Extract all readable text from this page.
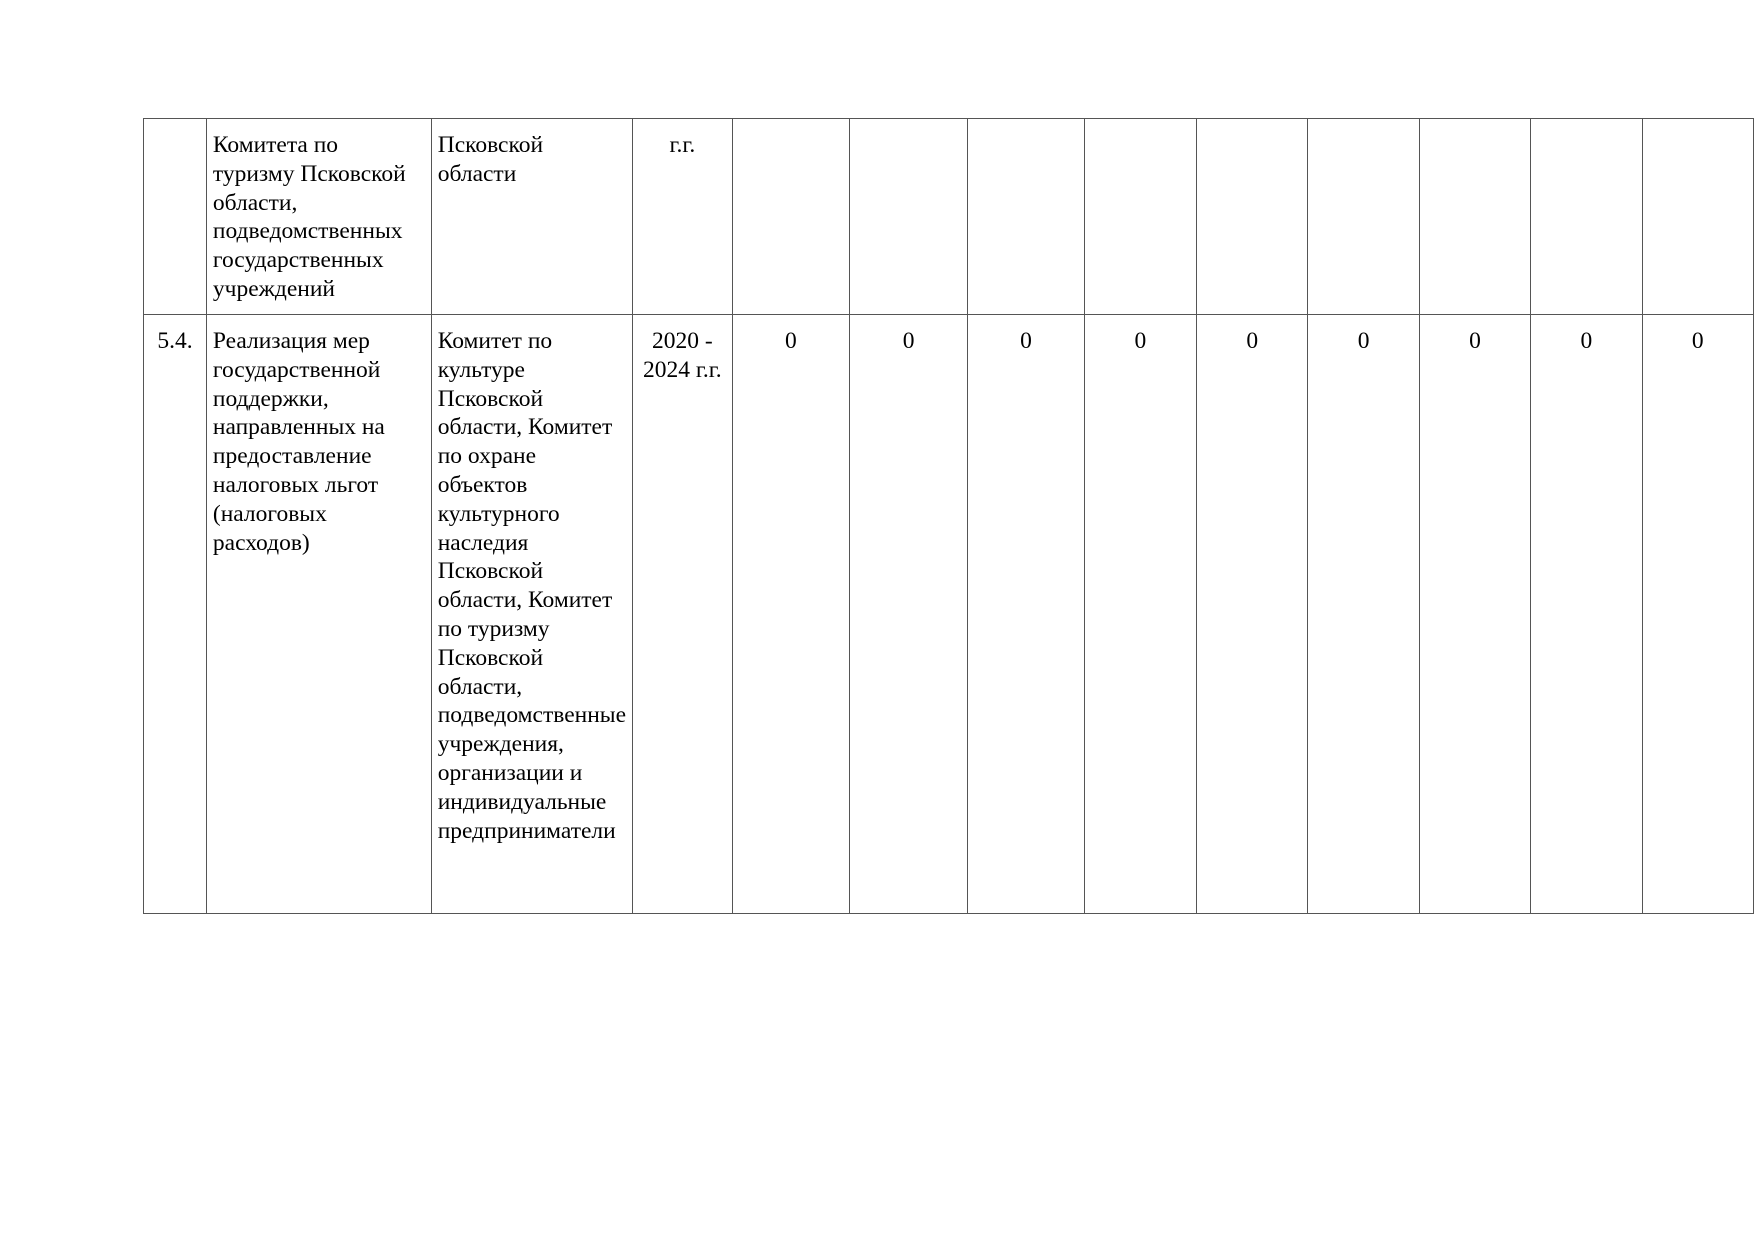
	Комитета по туризму Псковской области, подведомственных государственных учреждений	Псковской области	г.г.									
5.4.	Реализация мер государственной поддержки, направленных на предоставление налоговых льгот (налоговых расходов)	Комитет по культуре Псковской области, Комитет по охране объектов культурного наследия Псковской области, Комитет по туризму Псковской области, подведомственные учреждения, организации и индивидуальные предприниматели	2020 - 2024 г.г.	0	0	0	0	0	0	0	0	0
